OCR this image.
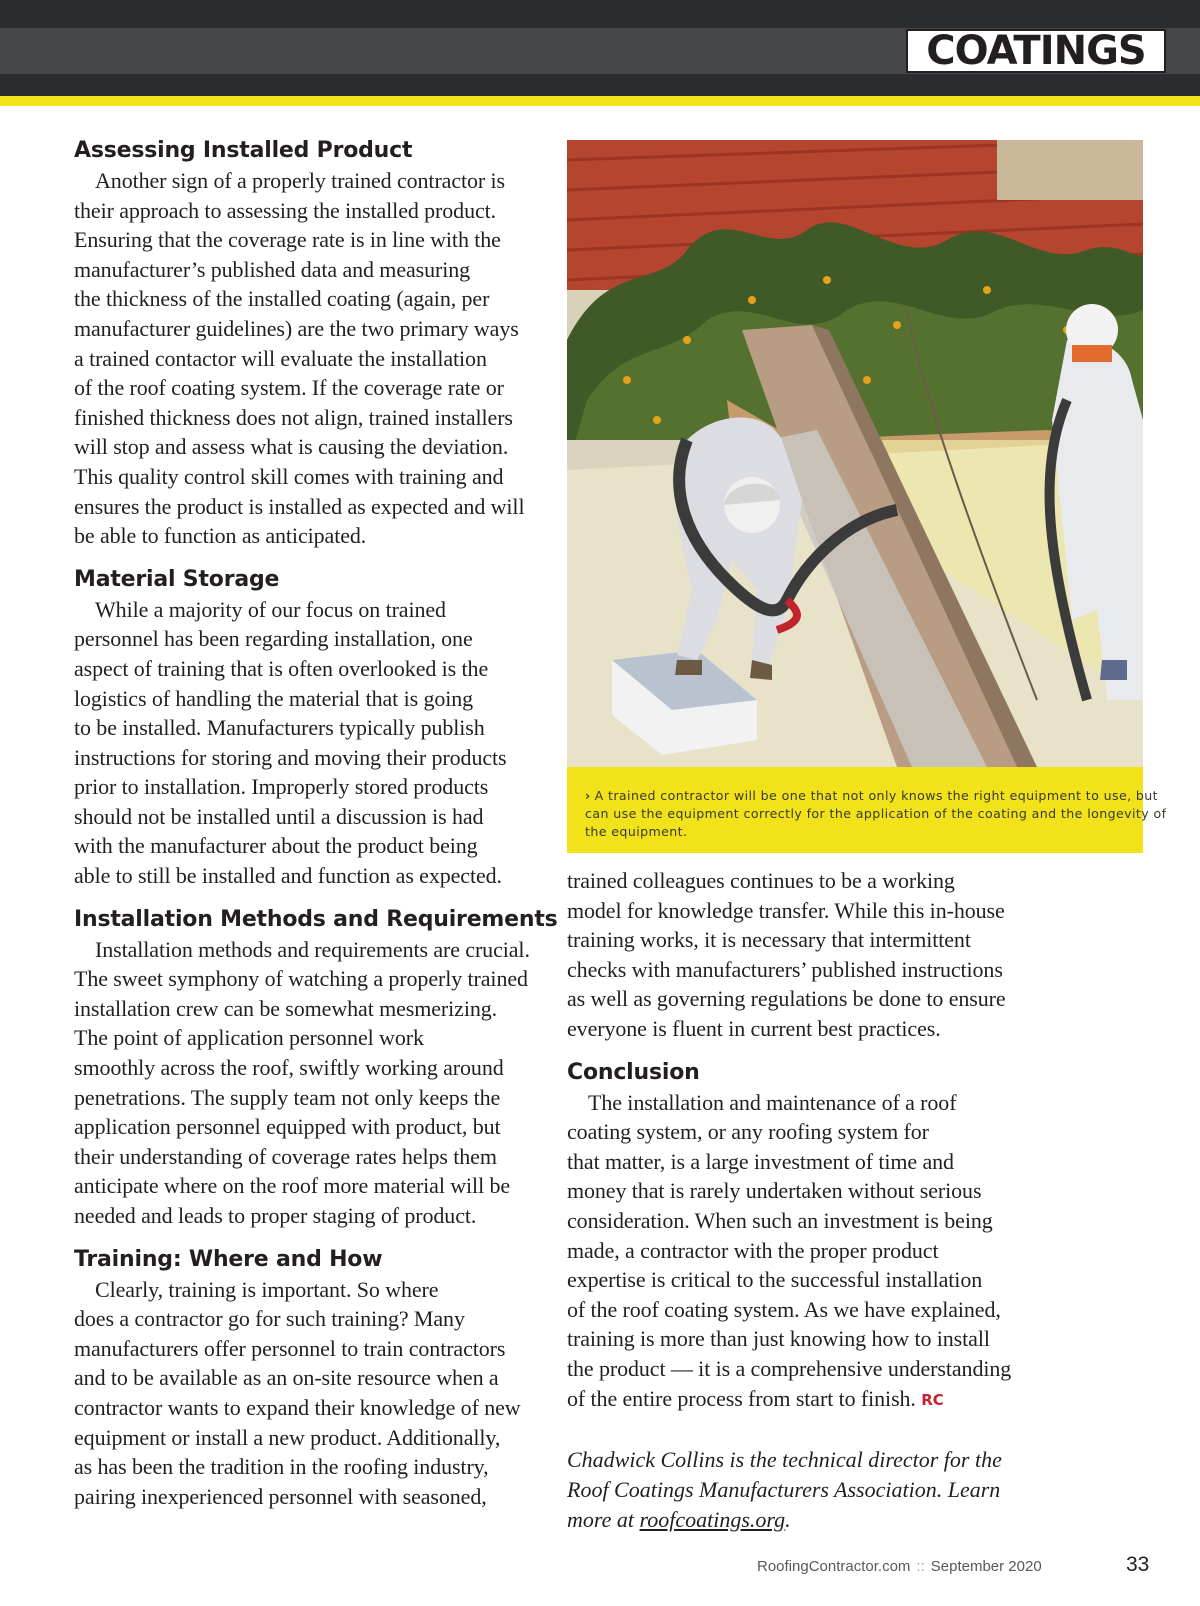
COATINGS
Assessing Installed Product

Another sign of a properly trained contractor is
their approach to assessing the installed product.
Ensuring that the coverage rate is in line with the
manufacturer’s published data and measuring
the thickness of the installed coating (again, per
manufacturer guidelines) are the two primary ways
a trained contactor will evaluate the installation
of the roof coating system. If the coverage rate or
finished thickness does not align, trained installers
will stop and assess what is causing the deviation.
This quality control skill comes with training and
ensures the product is installed as expected and will
be able to function as anticipated.

Material Storage

While a majority of our focus on trained
personnel has been regarding installation, one
aspect of training that is often overlooked is the
logistics of handling the material that is going
to be installed. Manufacturers typically publish
instructions for storing and moving their products
prior to installation. Improperly stored products
should not be installed until a discussion is had
with the manufacturer about the product being
able to still be installed and function as expected.

Installation Methods and Requirements

Installation methods and requirements are crucial.
The sweet symphony of watching a properly trained
installation crew can be somewhat mesmerizing.
The point of application personnel work
smoothly across the roof, swiftly working around
penetrations. The supply team not only keeps the
application personnel equipped with product, but
their understanding of coverage rates helps them
anticipate where on the roof more material will be
needed and leads to proper staging of product.

Training: Where and How

Clearly, training is important. So where
does a contractor go for such training? Many
manufacturers offer personnel to train contractors
and to be available as an on-site resource when a
contractor wants to expand their knowledge of new
equipment or install a new product. Additionally,
as has been the tradition in the roofing industry,
pairing inexperienced personnel with seasoned,

› A trained contractor will be one that not only knows the right equipment to use, but
can use the equipment correctly for the application of the coating and the longevity of
the equipment.

trained colleagues continues to be a working
model for knowledge transfer. While this in-house
training works, it is necessary that intermittent
checks with manufacturers’ published instructions
as well as governing regulations be done to ensure
everyone is fluent in current best practices.

Conclusion

The installation and maintenance of a roof
coating system, or any roofing system for
that matter, is a large investment of time and
money that is rarely undertaken without serious
consideration. When such an investment is being
made, a contractor with the proper product
expertise is critical to the successful installation
of the roof coating system. As we have explained,
training is more than just knowing how to install
the product — it is a comprehensive understanding
of the entire process from start to finish. RC

Chadwick Collins is the technical director for the
Roof Coatings Manufacturers Association. Learn
more at roofcoatings.org.

RoofingContractor.com :: September 2020	33
